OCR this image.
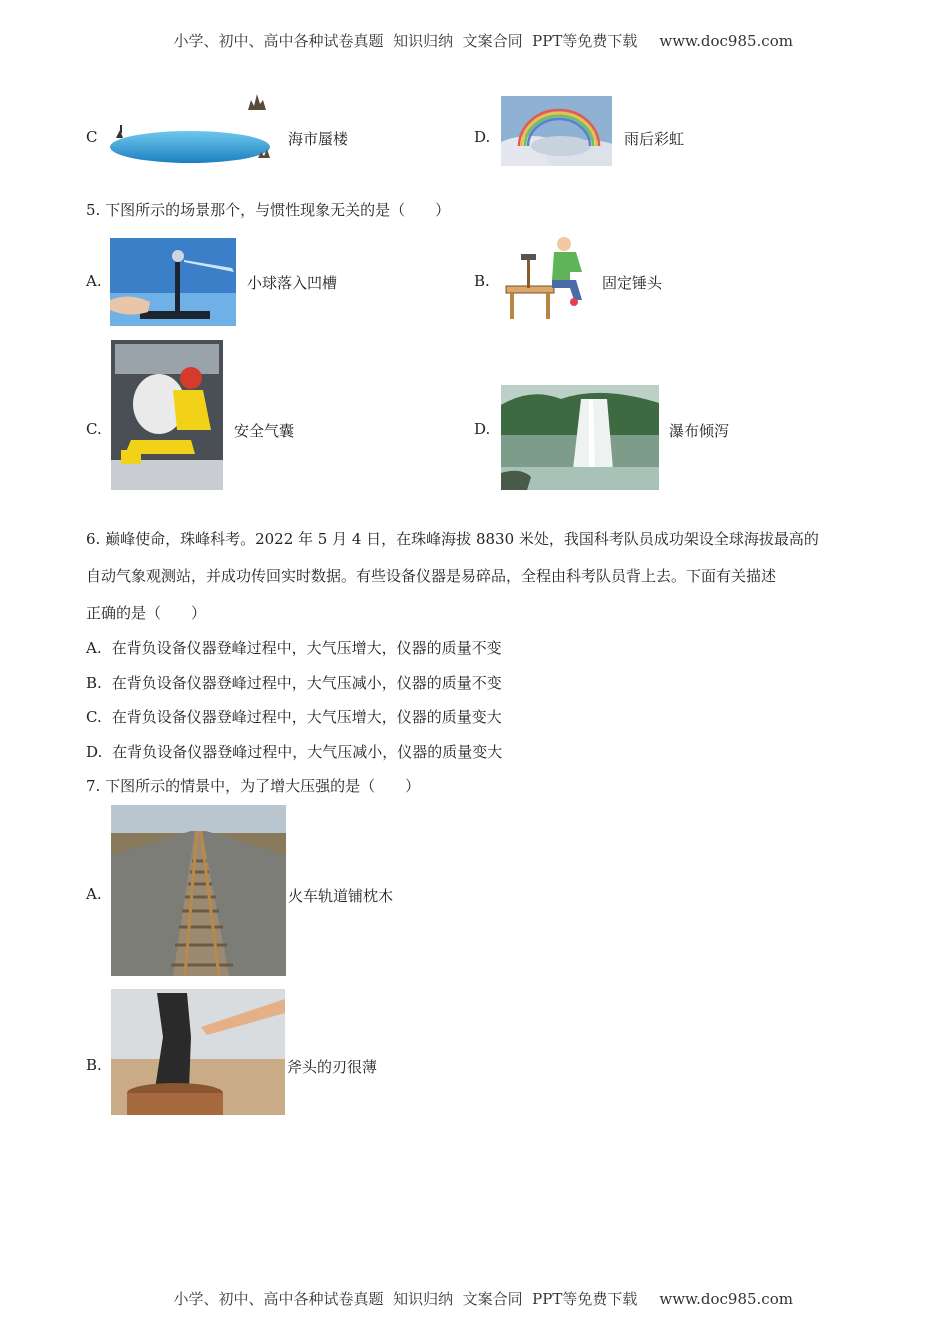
小学、初中、高中各种试卷真题  知识归纳  文案合同  PPT等免费下载 www.doc985.com

C	海市蜃楼	D.	雨后彩虹
5. 下图所示的场景那个，与惯性现象无关的是（　　）
A.	小球落入凹槽	B.	固定锤头
C.	安全气囊	D.	瀑布倾泻
6. 巅峰使命，珠峰科考。2022 年 5 月 4 日，在珠峰海拔 8830 米处，我国科考队员成功架设全球海拔最高的
自动气象观测站，并成功传回实时数据。有些设备仪器是易碎品，全程由科考队员背上去。下面有关描述
正确的是（　　）
A. 在背负设备仪器登峰过程中，大气压增大，仪器的质量不变
B. 在背负设备仪器登峰过程中，大气压减小，仪器的质量不变
C. 在背负设备仪器登峰过程中，大气压增大，仪器的质量变大
D. 在背负设备仪器登峰过程中，大气压减小，仪器的质量变大
7. 下图所示的情景中，为了增大压强的是（　　）
A.	火车轨道铺枕木
B.	斧头的刃很薄

小学、初中、高中各种试卷真题  知识归纳  文案合同  PPT等免费下载 www.doc985.com
